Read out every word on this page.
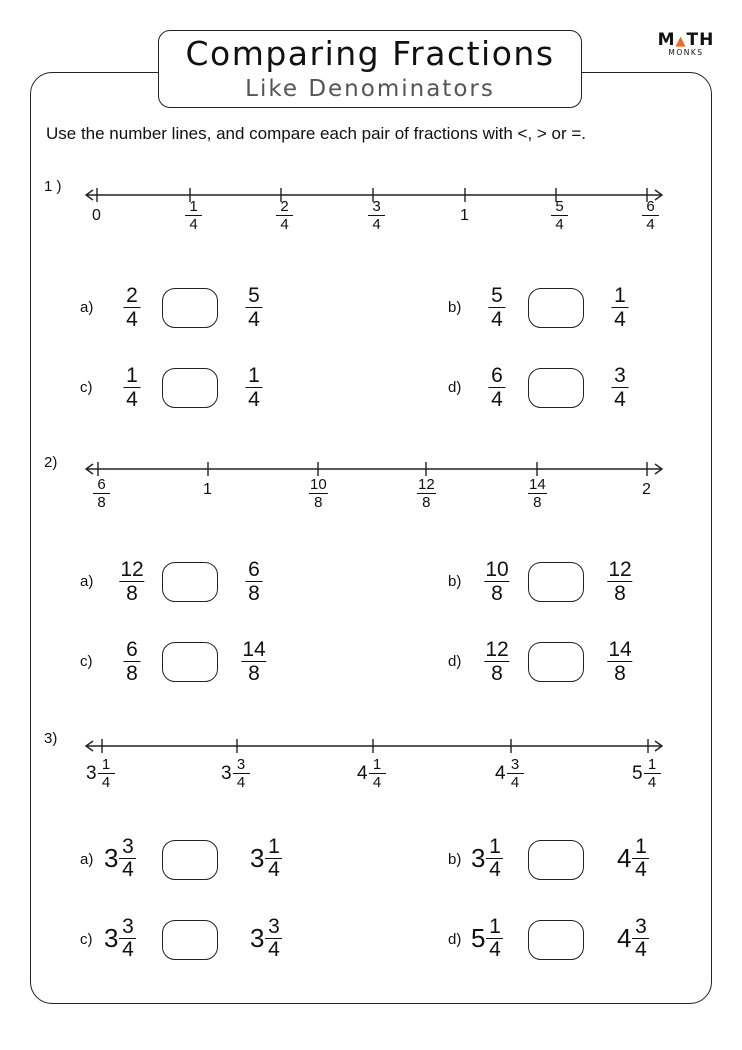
Comparing Fractions
Like Denominators
M▲TH
MONKS
Use the number lines, and compare each pair of fractions with <, > or =.
1 )
0
1
4
2
4
3
4
1
5
4
6
4
a)
2
4
5
4
b)
5
4
1
4
c)
1
4
1
4
d)
6
4
3
4
2)
6
8
1	10
8
12
8
14
8
2
a)
12
8
6
8
b)
10
8
12
8
c)
6
8
14
8
d)
12
8
14
8
3)
3 1
4	3 3
4	4 1
4	4 3
4	5 1
4
a) 3 3
4	3 1
4	b) 3 1
4	4 1
4
c) 3 3
4	3 3
4	d) 5 1
4	4 3
4
